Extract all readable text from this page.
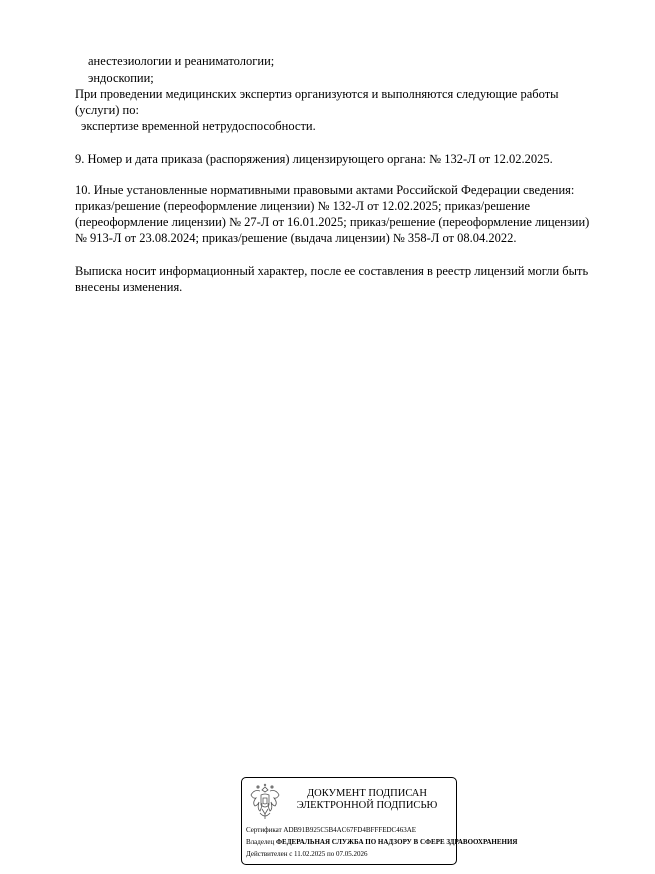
анестезиологии и реаниматологии;
эндоскопии;
При проведении медицинских экспертиз организуются и выполняются следующие работы
(услуги) по:
экспертизе временной нетрудоспособности.
9. Номер и дата приказа (распоряжения) лицензирующего органа: № 132-Л от 12.02.2025.
10. Иные установленные нормативными правовыми актами Российской Федерации сведения:
приказ/решение (переоформление лицензии) № 132-Л от 12.02.2025; приказ/решение
(переоформление лицензии) № 27-Л от 16.01.2025; приказ/решение (переоформление лицензии)
№ 913-Л от 23.08.2024; приказ/решение (выдача лицензии) № 358-Л от 08.04.2022.
Выписка носит информационный характер, после ее составления в реестр лицензий могли быть
внесены изменения.
ДОКУМЕНТ ПОДПИСАН
ЭЛЕКТРОННОЙ ПОДПИСЬЮ
Сертификат ADB91B925C5B4AC67FD4BFFFEDC463AE
Владелец ФЕДЕРАЛЬНАЯ СЛУЖБА ПО НАДЗОРУ В СФЕРЕ ЗДРАВООХРАНЕНИЯ
Действителен с 11.02.2025 по 07.05.2026
